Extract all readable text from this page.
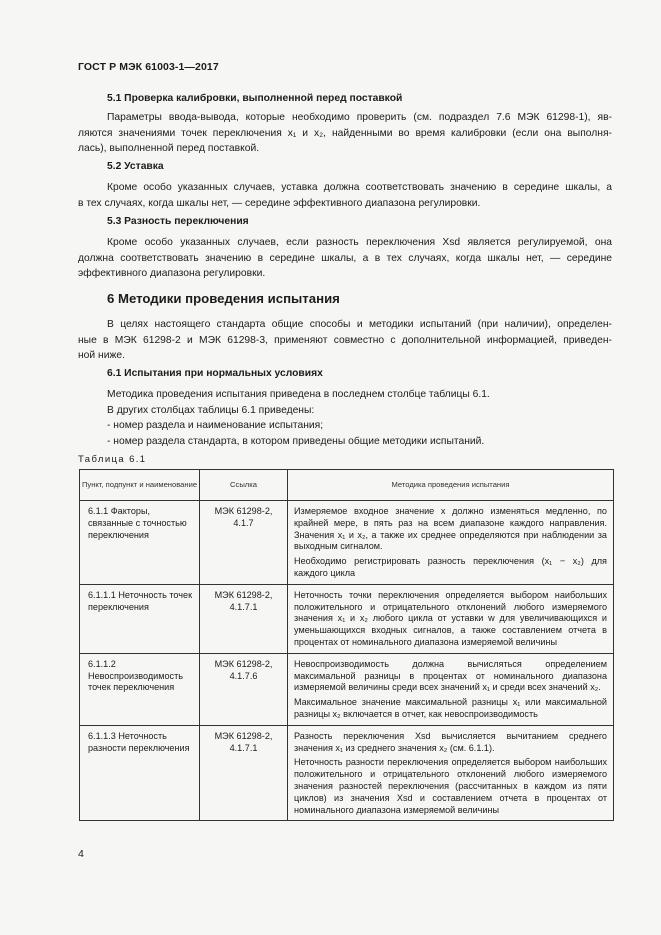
ГОСТ Р МЭК 61003-1—2017
5.1 Проверка калибровки, выполненной перед поставкой
Параметры ввода-вывода, которые необходимо проверить (см. подраздел 7.6 МЭК 61298-1), яв-
ляются значениями точек переключения x₁ и x₂, найденными во время калибровки (если она выполня-
лась), выполненной перед поставкой.
5.2 Уставка
Кроме особо указанных случаев, уставка должна соответствовать значению в середине шкалы, а
в тех случаях, когда шкалы нет, — середине эффективного диапазона регулировки.
5.3 Разность переключения
Кроме особо указанных случаев, если разность переключения Xsd является регулируемой, она
должна соответствовать значению в середине шкалы, а в тех случаях, когда шкалы нет, — середине
эффективного диапазона регулировки.
6 Методики проведения испытания
В целях настоящего стандарта общие способы и методики испытаний (при наличии), определен-
ные в МЭК 61298-2 и МЭК 61298-3, применяют совместно с дополнительной информацией, приведен-
ной ниже.
6.1 Испытания при нормальных условиях
Методика проведения испытания приведена в последнем столбце таблицы 6.1.
В других столбцах таблицы 6.1 приведены:
- номер раздела и наименование испытания;
- номер раздела стандарта, в котором приведены общие методики испытаний.
Таблица 6.1
Пункт, подпункт и наименование	Ссылка	Методика проведения испытания
6.1.1 Факторы, связанные с точностью переключения	МЭК 61298-2, 4.1.7	Измеряемое входное значение x должно изменяться медленно, по крайней мере, в пять раз на всем диапазоне каждого направления. Значения x₁ и x₂, а также их среднее определяются при наблюдении за выходным сигналом.

Необходимо регистрировать разность переключения (x₁ − x₂) для каждого цикла

6.1.1.1 Неточность точек переключения	МЭК 61298-2, 4.1.7.1	Неточность точки переключения определяется выбором наибольших положительного и отрицательного отклонений любого измеряемого значения x₁ и x₂ любого цикла от уставки w для увеличивающихся и уменьшающихся входных сигналов, а также составлением отчета в процентах от номинального диапазона измеряемой величины

6.1.1.2 Невоспроизводимость точек переключения	МЭК 61298-2, 4.1.7.6	Невоспроизводимость должна вычисляться определением максимальной разницы в процентах от номинального диапазона измеряемой величины среди всех значений x₁ и среди всех значений x₂.

Максимальное значение максимальной разницы x₁ или максимальной разницы x₂ включается в отчет, как невоспроизводимость

6.1.1.3 Неточность разности переключения	МЭК 61298-2, 4.1.7.1	Разность переключения Xsd вычисляется вычитанием среднего значения x₁ из среднего значения x₂ (см. 6.1.1).

Неточность разности переключения определяется выбором наибольших положительного и отрицательного отклонений любого измеряемого значения разностей переключения (рассчитанных в каждом из пяти циклов) из значения Xsd и составлением отчета в процентах от номинального диапазона измеряемой величины

4
